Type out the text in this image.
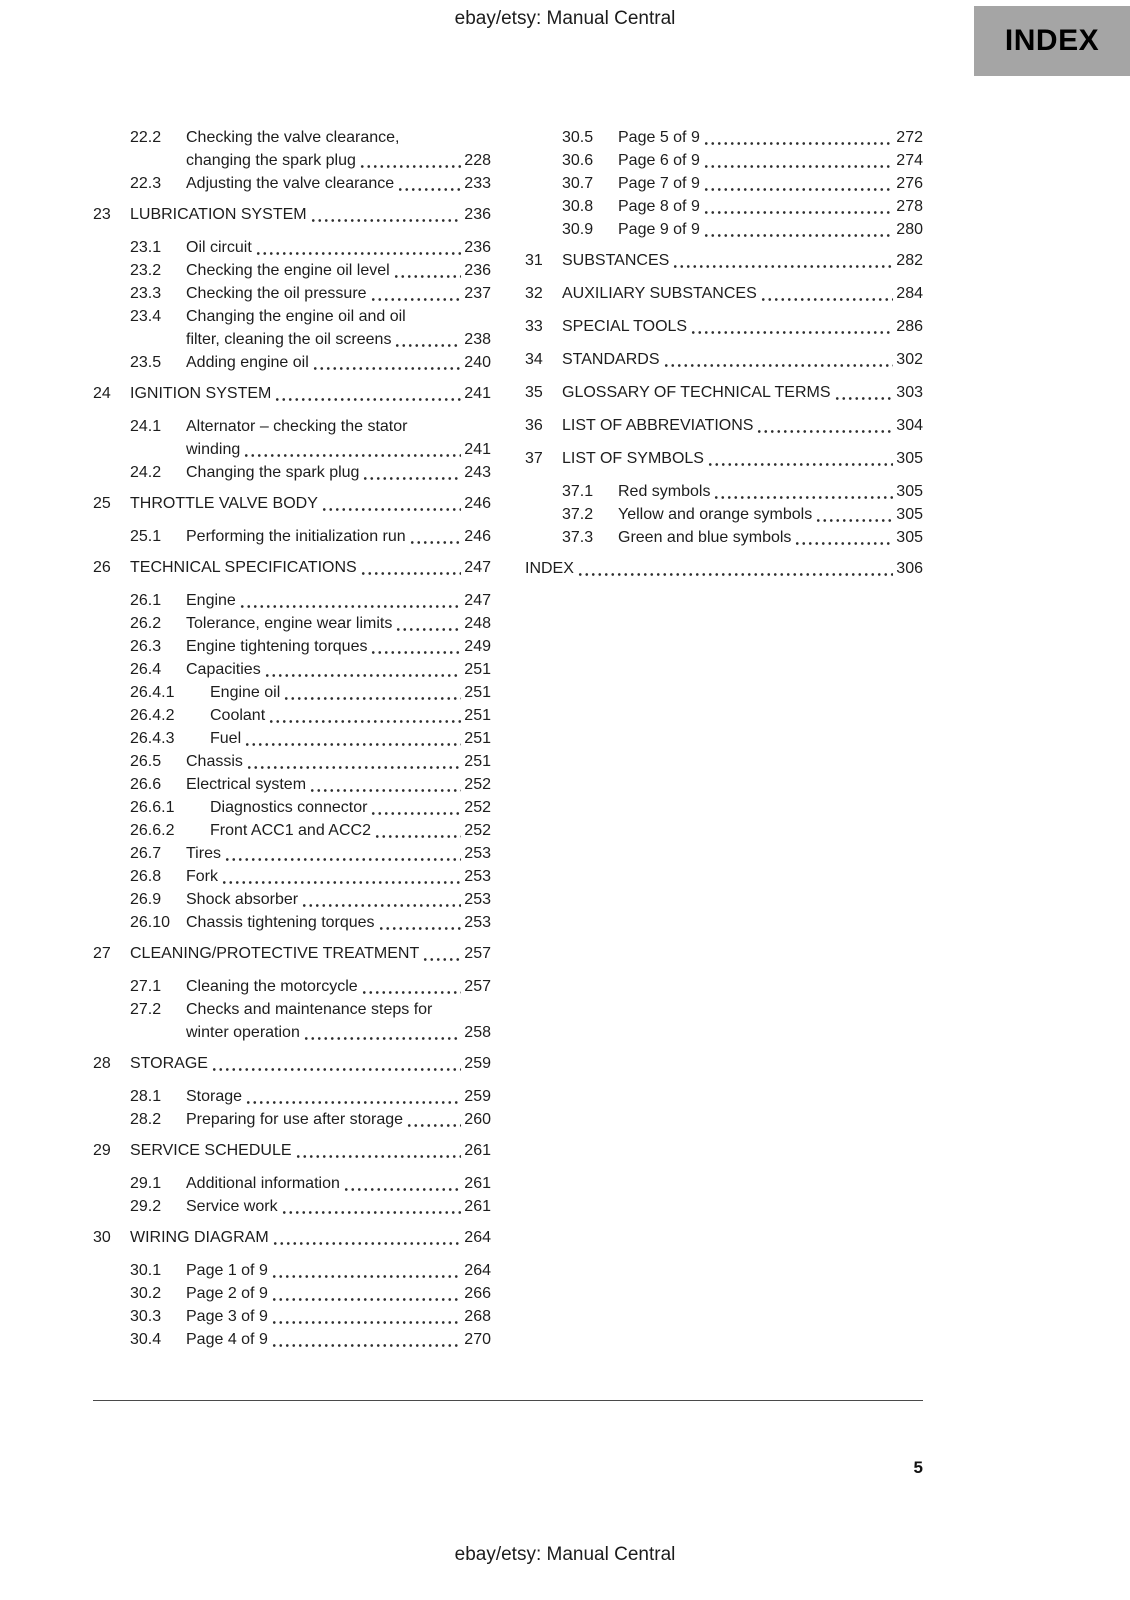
ebay/etsy: Manual Central
INDEX
22.2	Checking the valve clearance,
changing the spark plug	228
22.3	Adjusting the valve clearance	233
23	LUBRICATION SYSTEM	236
23.1	Oil circuit	236
23.2	Checking the engine oil level	236
23.3	Checking the oil pressure	237
23.4	Changing the engine oil and oil
filter, cleaning the oil screens	238
23.5	Adding engine oil	240
24	IGNITION SYSTEM	241
24.1	Alternator – checking the stator
winding	241
24.2	Changing the spark plug	243
25	THROTTLE VALVE BODY	246
25.1	Performing the initialization run	246
26	TECHNICAL SPECIFICATIONS	247
26.1	Engine	247
26.2	Tolerance, engine wear limits	248
26.3	Engine tightening torques	249
26.4	Capacities	251
26.4.1	Engine oil	251
26.4.2	Coolant	251
26.4.3	Fuel	251
26.5	Chassis	251
26.6	Electrical system	252
26.6.1	Diagnostics connector	252
26.6.2	Front ACC1 and ACC2	252
26.7	Tires	253
26.8	Fork	253
26.9	Shock absorber	253
26.10 Chassis tightening torques	253
27	CLEANING/PROTECTIVE TREATMENT	257
27.1	Cleaning the motorcycle	257
27.2	Checks and maintenance steps for
winter operation	258
28	STORAGE	259
28.1	Storage	259
28.2	Preparing for use after storage	260
29	SERVICE SCHEDULE	261
29.1	Additional information	261
29.2	Service work	261
30	WIRING DIAGRAM	264
30.1	Page 1 of 9	264
30.2	Page 2 of 9	266
30.3	Page 3 of 9	268
30.4	Page 4 of 9	270
30.5	Page 5 of 9	272
30.6	Page 6 of 9	274
30.7	Page 7 of 9	276
30.8	Page 8 of 9	278
30.9	Page 9 of 9	280
31	SUBSTANCES	282
32	AUXILIARY SUBSTANCES	284
33	SPECIAL TOOLS	286
34	STANDARDS	302
35	GLOSSARY OF TECHNICAL TERMS	303
36	LIST OF ABBREVIATIONS	304
37	LIST OF SYMBOLS	305
37.1	Red symbols	305
37.2	Yellow and orange symbols	305
37.3	Green and blue symbols	305
INDEX	306
5
ebay/etsy: Manual Central
